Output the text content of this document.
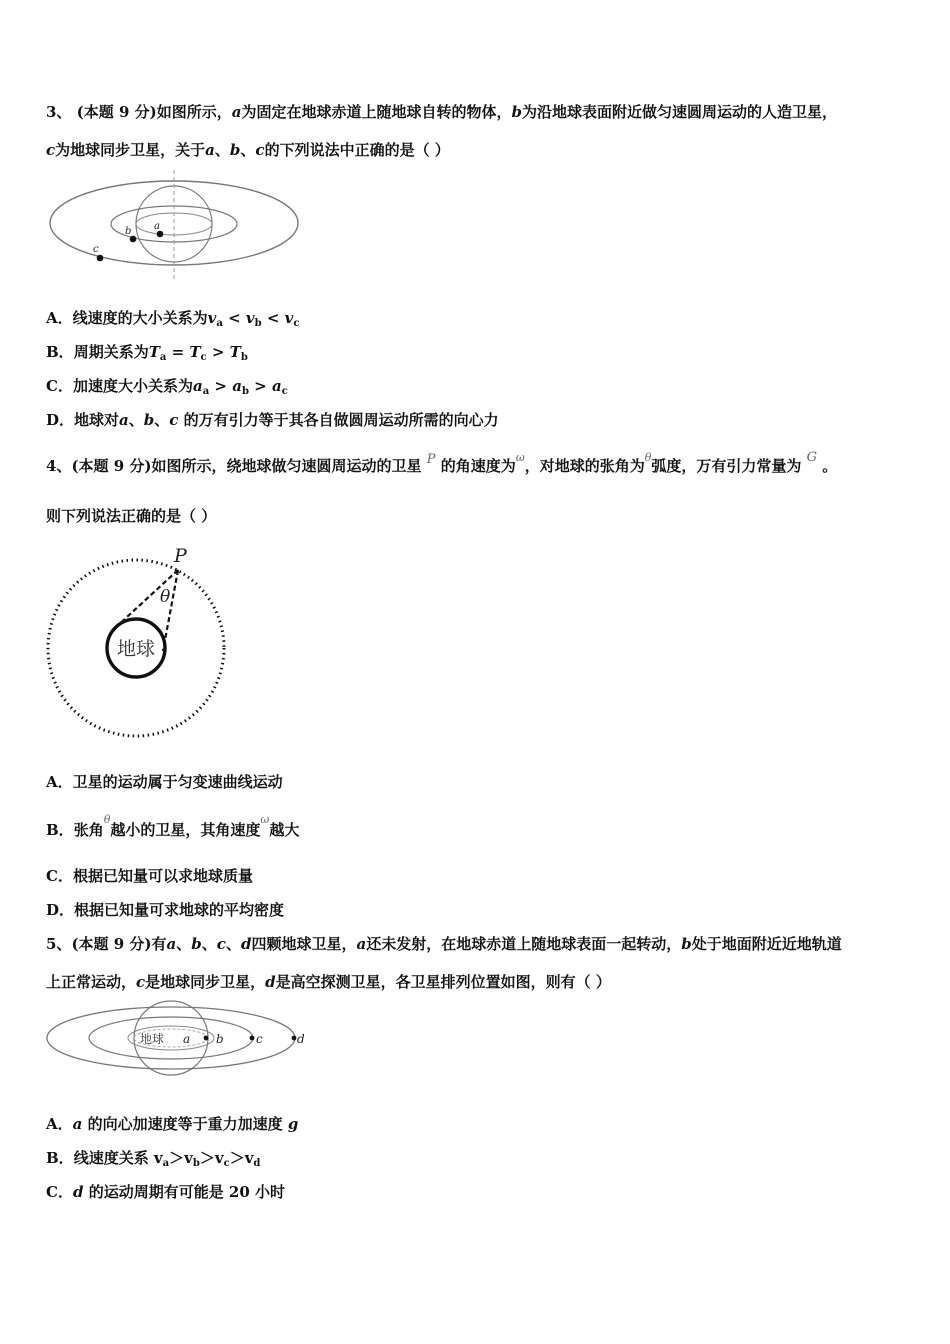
3、 (本题 9 分)如图所示，a为固定在地球赤道上随地球自转的物体，b为沿地球表面附近做匀速圆周运动的人造卫星，
c为地球同步卫星，关于a、b、c的下列说法中正确的是（ ）
a
b
c
A．线速度的大小关系为$v_a < v_b < v_c$
B．周期关系为$T_a = T_c > T_b$
C．加速度大小关系为$a_a > a_b > a_c$
D．地球对a、b、c 的万有引力等于其各自做圆周运动所需的向心力
4、(本题 9 分)如图所示，绕地球做匀速圆周运动的卫星 P 的角速度为$^\omega$，对地球的张角为$^\theta$弧度，万有引力常量为 G 。
则下列说法正确的是（ ）
地球
P
θ
A．卫星的运动属于匀变速曲线运动
B．张角$^\theta$越小的卫星，其角速度$^\omega$越大
C．根据已知量可以求地球质量
D．根据已知量可求地球的平均密度
5、(本题 9 分)有a、b、c、d四颗地球卫星，a还未发射，在地球赤道上随地球表面一起转动，b处于地面附近近地轨道
上正常运动，c是地球同步卫星，d是高空探测卫星，各卫星排列位置如图，则有（ ）
地球 a b	c	d
A．a 的向心加速度等于重力加速度 g
B．线速度关系 $v_a>v_b>v_c>v_d$
C．d 的运动周期有可能是 20 小时
